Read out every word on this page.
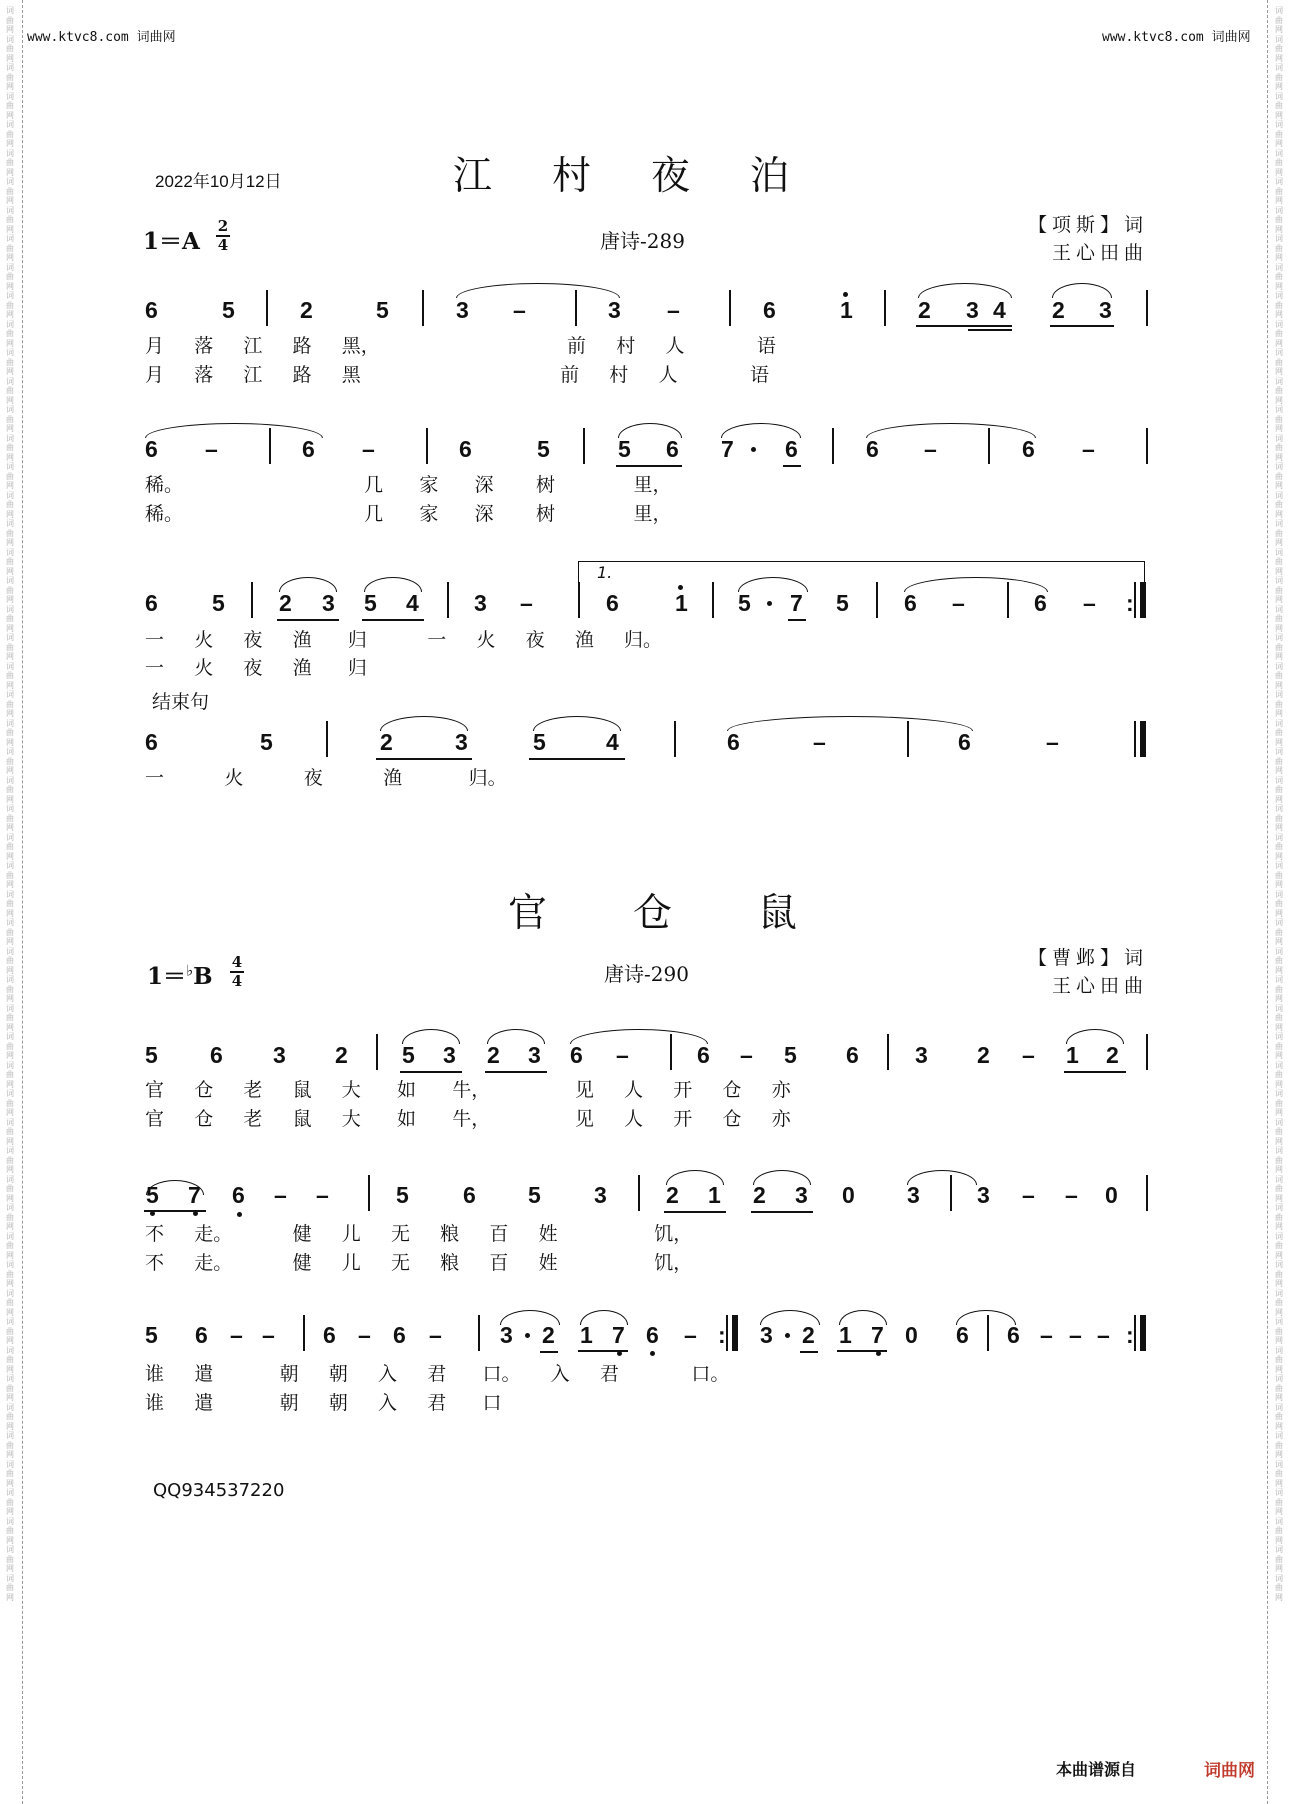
词曲网词曲网词曲网词曲网词曲网词曲网词曲网词曲网词曲网词曲网词曲网词曲网词曲网词曲网词曲网词曲网词曲网词曲网词曲网词曲网词曲网词曲网词曲网词曲网词曲网词曲网词曲网词曲网词曲网词曲网词曲网词曲网词曲网词曲网词曲网词曲网词曲网词曲网词曲网词曲网词曲网词曲网词曲网词曲网词曲网词曲网词曲网词曲网词曲网词曲网词曲网词曲网词曲网词曲网词曲网词曲网
词曲网词曲网词曲网词曲网词曲网词曲网词曲网词曲网词曲网词曲网词曲网词曲网词曲网词曲网词曲网词曲网词曲网词曲网词曲网词曲网词曲网词曲网词曲网词曲网词曲网词曲网词曲网词曲网词曲网词曲网词曲网词曲网词曲网词曲网词曲网词曲网词曲网词曲网词曲网词曲网词曲网词曲网词曲网词曲网词曲网词曲网词曲网词曲网词曲网词曲网词曲网词曲网词曲网词曲网词曲网词曲网
www.ktvc8.com 词曲网	www.ktvc8.com 词曲网
2022年10月12日	江村夜泊
1＝A
2
4	唐诗-289
【项斯】词
王心田曲
6	5	2	5	3 –	3 –	6	1	2 3 4 2 3
月     落     江     路     黑，                               前     村     人            语
月     落     江     路     黑                                 前     村     人            语
6 –	6 –	6	5	5 6 7 6	6 –	6 –
稀。                              几      家      深       树             里，
稀。                              几      家      深       树             里，
1.
6 5 2 3 5 4 3 –	6 1 5 7 5 6 –	6 – :
一     火     夜     渔      归          一     火     夜     渔     归。
一     火     夜     渔      归
结束句
6	5	2	3	5	4	6	–	6	–
一          火          夜          渔           归。
官仓鼠
1＝♭B
4
4	唐诗-290
【曹邺】词
王心田曲
5 6 3 2 5 3 2 3 6 –	6 – 5 6 3 2 – 1 2
官     仓     老     鼠     大      如      牛，              见     人     开     仓     亦
官     仓     老     鼠     大      如      牛，              见     人     开     仓     亦
5 7 6 – –	5 6 5 3	2 1 2 3 0 3 3 – – 0
不     走。          健     儿     无     粮     百     姓                饥，
不     走。          健     儿     无     粮     百     姓                饥，
5 6 – – 6 – 6 –	3 2 1 7 6 – : 3 2 1 7 0 6 6 – – – :
谁     遣           朝     朝     入     君      口。     入     君            口。
谁     遣           朝     朝     入     君      口
QQ934537220
本曲谱源自	词曲网
